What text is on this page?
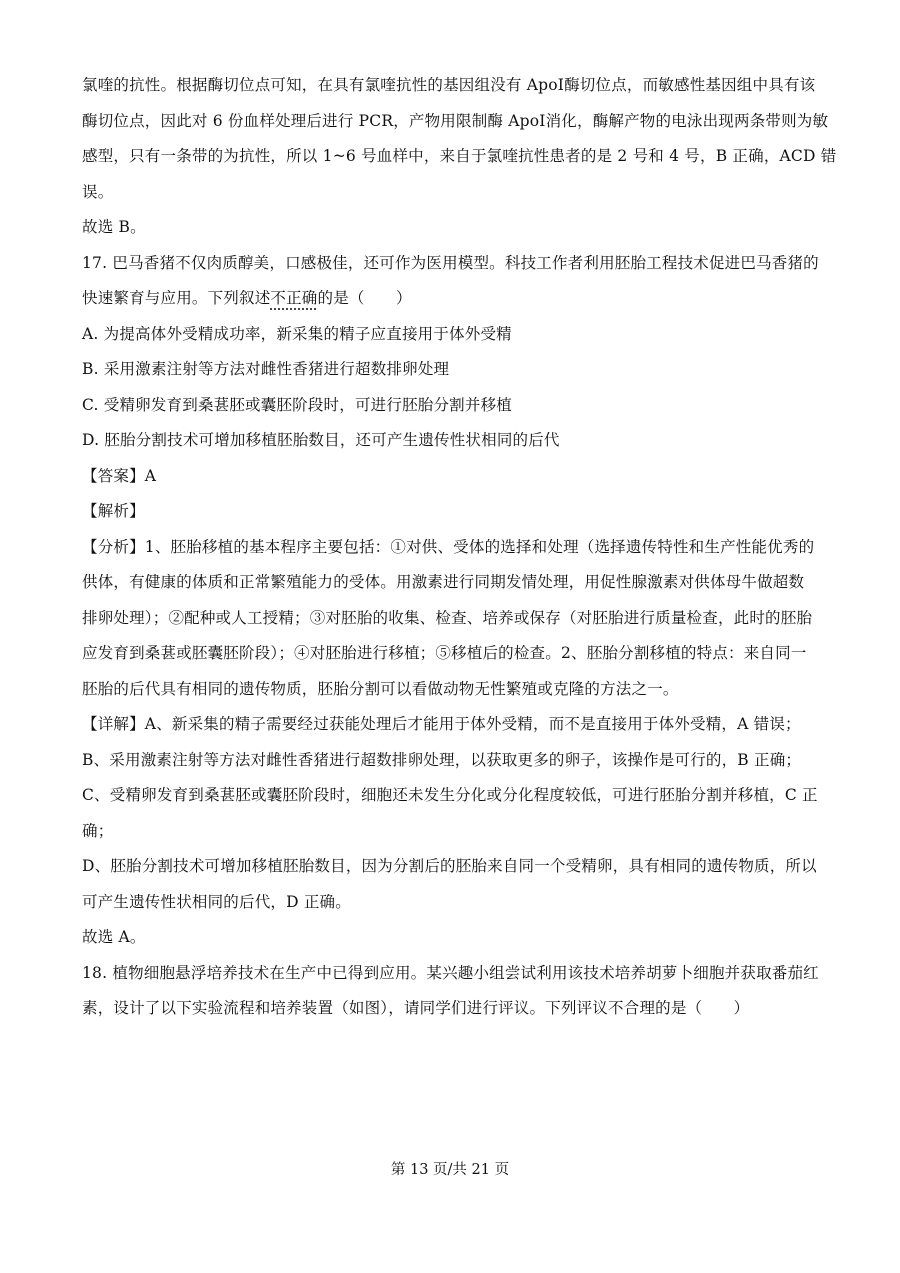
氯喹的抗性。根据酶切位点可知，在具有氯喹抗性的基因组没有 ApoI酶切位点，而敏感性基因组中具有该
酶切位点，因此对 6 份血样处理后进行 PCR，产物用限制酶 ApoI消化，酶解产物的电泳出现两条带则为敏
感型，只有一条带的为抗性，所以 1~6 号血样中，来自于氯喹抗性患者的是 2 号和 4 号，B 正确，ACD 错
误。
故选 B。
17. 巴马香猪不仅肉质醇美，口感极佳，还可作为医用模型。科技工作者利用胚胎工程技术促进巴马香猪的
快速繁育与应用。下列叙述不正确的是（　　）
A. 为提高体外受精成功率，新采集的精子应直接用于体外受精
B. 采用激素注射等方法对雌性香猪进行超数排卵处理
C. 受精卵发育到桑葚胚或囊胚阶段时，可进行胚胎分割并移植
D. 胚胎分割技术可增加移植胚胎数目，还可产生遗传性状相同的后代
【答案】A
【解析】
【分析】1、胚胎移植的基本程序主要包括：①对供、受体的选择和处理（选择遗传特性和生产性能优秀的
供体，有健康的体质和正常繁殖能力的受体。用激素进行同期发情处理，用促性腺激素对供体母牛做超数
排卵处理）；②配种或人工授精；③对胚胎的收集、检查、培养或保存（对胚胎进行质量检查，此时的胚胎
应发育到桑葚或胚囊胚阶段）；④对胚胎进行移植；⑤移植后的检查。2、胚胎分割移植的特点：来自同一
胚胎的后代具有相同的遗传物质，胚胎分割可以看做动物无性繁殖或克隆的方法之一。
【详解】A、新采集的精子需要经过获能处理后才能用于体外受精，而不是直接用于体外受精，A 错误；
B、采用激素注射等方法对雌性香猪进行超数排卵处理，以获取更多的卵子，该操作是可行的，B 正确；
C、受精卵发育到桑葚胚或囊胚阶段时，细胞还未发生分化或分化程度较低，可进行胚胎分割并移植，C 正
确；
D、胚胎分割技术可增加移植胚胎数目，因为分割后的胚胎来自同一个受精卵，具有相同的遗传物质，所以
可产生遗传性状相同的后代，D 正确。
故选 A。
18. 植物细胞悬浮培养技术在生产中已得到应用。某兴趣小组尝试利用该技术培养胡萝卜细胞并获取番茄红
素，设计了以下实验流程和培养装置（如图），请同学们进行评议。下列评议不合理的是（　　）
第 13 页/共 21 页
